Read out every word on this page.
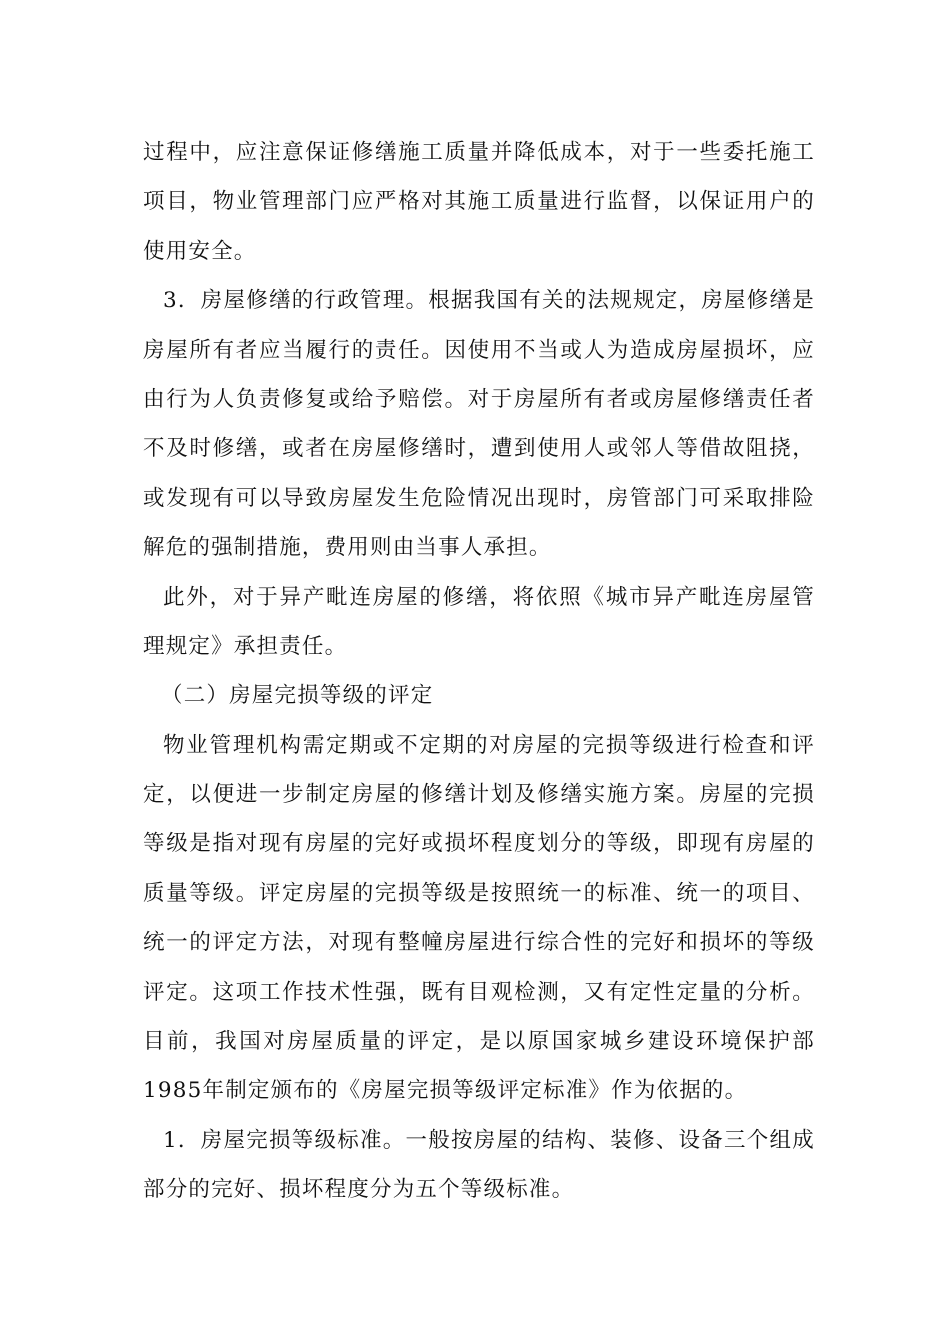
过程中，应注意保证修缮施工质量并降低成本，对于一些委托施工
项目，物业管理部门应严格对其施工质量进行监督，以保证用户的
使用安全。
3．房屋修缮的行政管理。根据我国有关的法规规定，房屋修缮是
房屋所有者应当履行的责任。因使用不当或人为造成房屋损坏，应
由行为人负责修复或给予赔偿。对于房屋所有者或房屋修缮责任者
不及时修缮，或者在房屋修缮时，遭到使用人或邻人等借故阻挠，
或发现有可以导致房屋发生危险情况出现时，房管部门可采取排险
解危的强制措施，费用则由当事人承担。
此外，对于异产毗连房屋的修缮，将依照《城市异产毗连房屋管
理规定》承担责任。
（二）房屋完损等级的评定
物业管理机构需定期或不定期的对房屋的完损等级进行检查和评
定，以便进一步制定房屋的修缮计划及修缮实施方案。房屋的完损
等级是指对现有房屋的完好或损坏程度划分的等级，即现有房屋的
质量等级。评定房屋的完损等级是按照统一的标准、统一的项目、
统一的评定方法，对现有整幢房屋进行综合性的完好和损坏的等级
评定。这项工作技术性强，既有目观检测，又有定性定量的分析。
目前，我国对房屋质量的评定，是以原国家城乡建设环境保护部
1985年制定颁布的《房屋完损等级评定标准》作为依据的。
1．房屋完损等级标准。一般按房屋的结构、装修、设备三个组成
部分的完好、损坏程度分为五个等级标准。
